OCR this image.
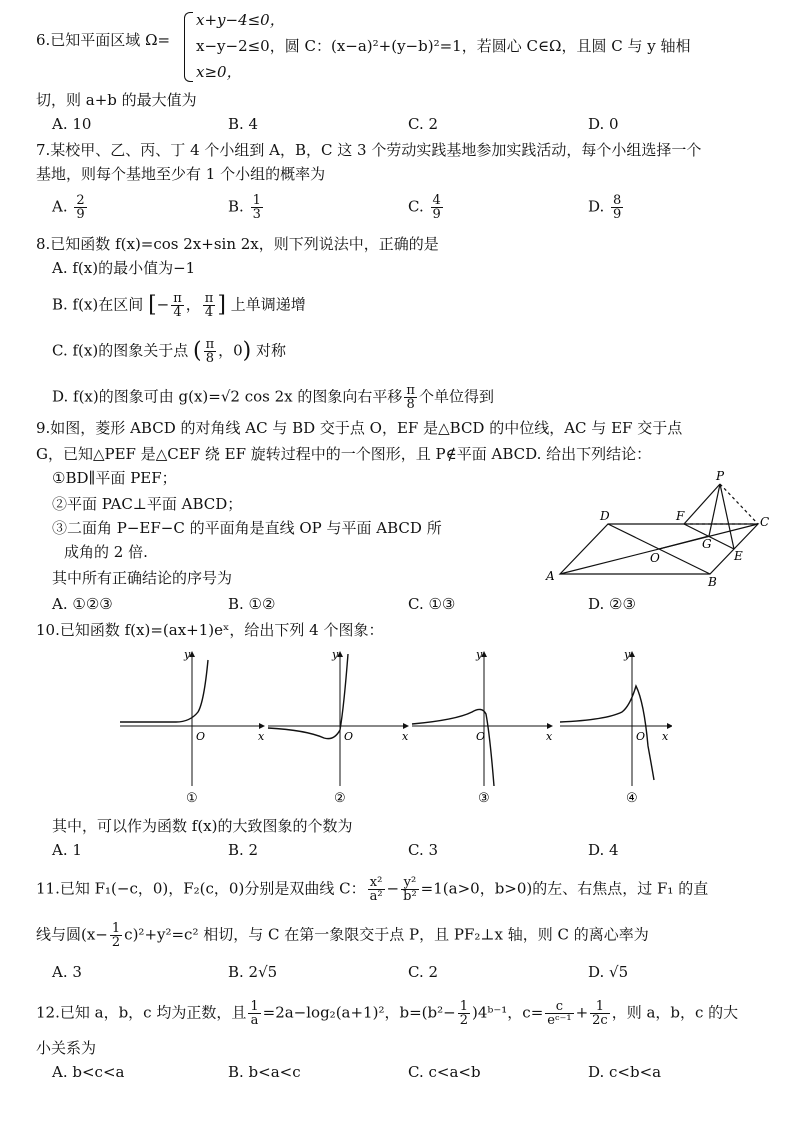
6.已知平面区域 Ω=
x+y−4≤0，
x−y−2≤0，圆 C：(x−a)²+(y−b)²=1，若圆心 C∈Ω，且圆 C 与 y 轴相
x≥0，
切，则 a+b 的最大值为
A. 10	B. 4	C. 2	D. 0
7.某校甲、乙、丙、丁 4 个小组到 A，B，C 这 3 个劳动实践基地参加实践活动，每个小组选择一个
基地，则每个基地至少有 1 个小组的概率为
A. $\frac{2}{9}$	B. $\frac{1}{3}$	C. $\frac{4}{9}$	D. $\frac{8}{9}$
8.已知函数 f(x)=cos 2x+sin 2x，则下列说法中，正确的是
A. f(x)的最小值为−1
B. f(x)在区间 [− $\frac{\pi}{4}$ ， $\frac{\pi}{4}$ ] 上单调递增
C. f(x)的图象关于点 ( $\frac{\pi}{8}$ ，0) 对称
D. f(x)的图象可由 g(x)=√2 cos 2x 的图象向右平移 $\frac{\pi}{8}$ 个单位得到
9.如图，菱形 ABCD 的对角线 AC 与 BD 交于点 O，EF 是△BCD 的中位线，AC 与 EF 交于点
G，已知△PEF 是△CEF 绕 EF 旋转过程中的一个图形，且 P∉平面 ABCD. 给出下列结论：
①BD∥平面 PEF；
②平面 PAC⊥平面 ABCD；
③二面角 P−EF−C 的平面角是直线 OP 与平面 ABCD 所
成角的 2 倍.
其中所有正确结论的序号为
A. ①②③	B. ①②	C. ①③	D. ②③
A	B
C
D
E
F
G
O
P
10.已知函数 f(x)=(ax+1)eˣ，给出下列 4 个图象：
y
x
O
y
x
O
y
x
O
y
x
O
①	②	③	④
其中，可以作为函数 f(x)的大致图象的个数为
A. 1	B. 2	C. 3	D. 4
11.已知 F₁(−c，0)，F₂(c，0)分别是双曲线 C： $\frac{\text{x²}}{\text{a²}} - \frac{\text{y²}}{\text{b²}} =1(a>0$，b>0)的左、右焦点，过 F₁ 的直
线与圆$(x- \frac{1}{2} c)^2+y^2=c^2$ 相切，与 C 在第一象限交于点 P，且 PF₂⊥x 轴，则 C 的离心率为
A. 3	B. 2√5	C. 2	D. √5
12.已知 a，b，c 均为正数，且 $\frac{1}{a} =2a-\log_2(a+1)^2$，$b=(b^2- \frac{1}{2}$ )4ᵇ⁻¹，$c= \frac{c}{\text{eᶜ⁻¹}} + \frac{1}{2c}$ ，则 a，b，c 的大
小关系为
A. b<c<a	B. b<a<c	C. c<a<b	D. c<b<a
